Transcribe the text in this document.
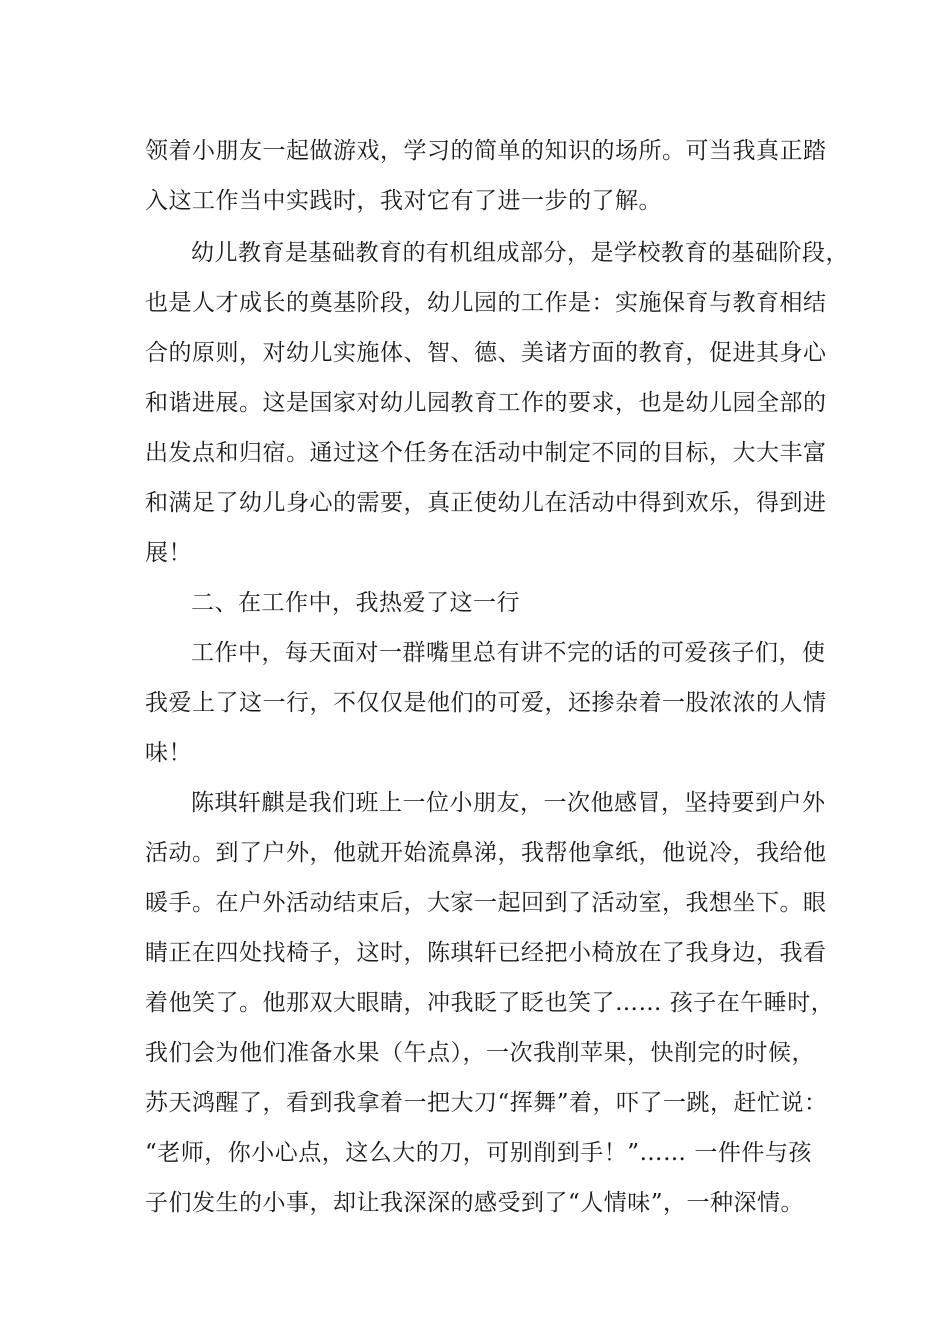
领着小朋友一起做游戏，学习的简单的知识的场所。可当我真正踏
入这工作当中实践时，我对它有了进一步的了解。
幼儿教育是基础教育的有机组成部分，是学校教育的基础阶段，
也是人才成长的奠基阶段，幼儿园的工作是：实施保育与教育相结
合的原则，对幼儿实施体、智、德、美诸方面的教育，促进其身心
和谐进展。这是国家对幼儿园教育工作的要求，也是幼儿园全部的
出发点和归宿。通过这个任务在活动中制定不同的目标，大大丰富
和满足了幼儿身心的需要，真正使幼儿在活动中得到欢乐，得到进
展！
二、在工作中，我热爱了这一行
工作中，每天面对一群嘴里总有讲不完的话的可爱孩子们，使
我爱上了这一行，不仅仅是他们的可爱，还掺杂着一股浓浓的人情
味！
陈琪轩麒是我们班上一位小朋友，一次他感冒，坚持要到户外
活动。到了户外，他就开始流鼻涕，我帮他拿纸，他说冷，我给他
暖手。在户外活动结束后，大家一起回到了活动室，我想坐下。眼
睛正在四处找椅子，这时，陈琪轩已经把小椅放在了我身边，我看
着他笑了。他那双大眼睛，冲我眨了眨也笑了…… 孩子在午睡时，
我们会为他们准备水果（午点），一次我削苹果，快削完的时候，
苏天鸿醒了，看到我拿着一把大刀“挥舞”着，吓了一跳，赶忙说：
“老师，你小心点，这么大的刀，可别削到手！”…… 一件件与孩
子们发生的小事，却让我深深的感受到了“人情味”，一种深情。
